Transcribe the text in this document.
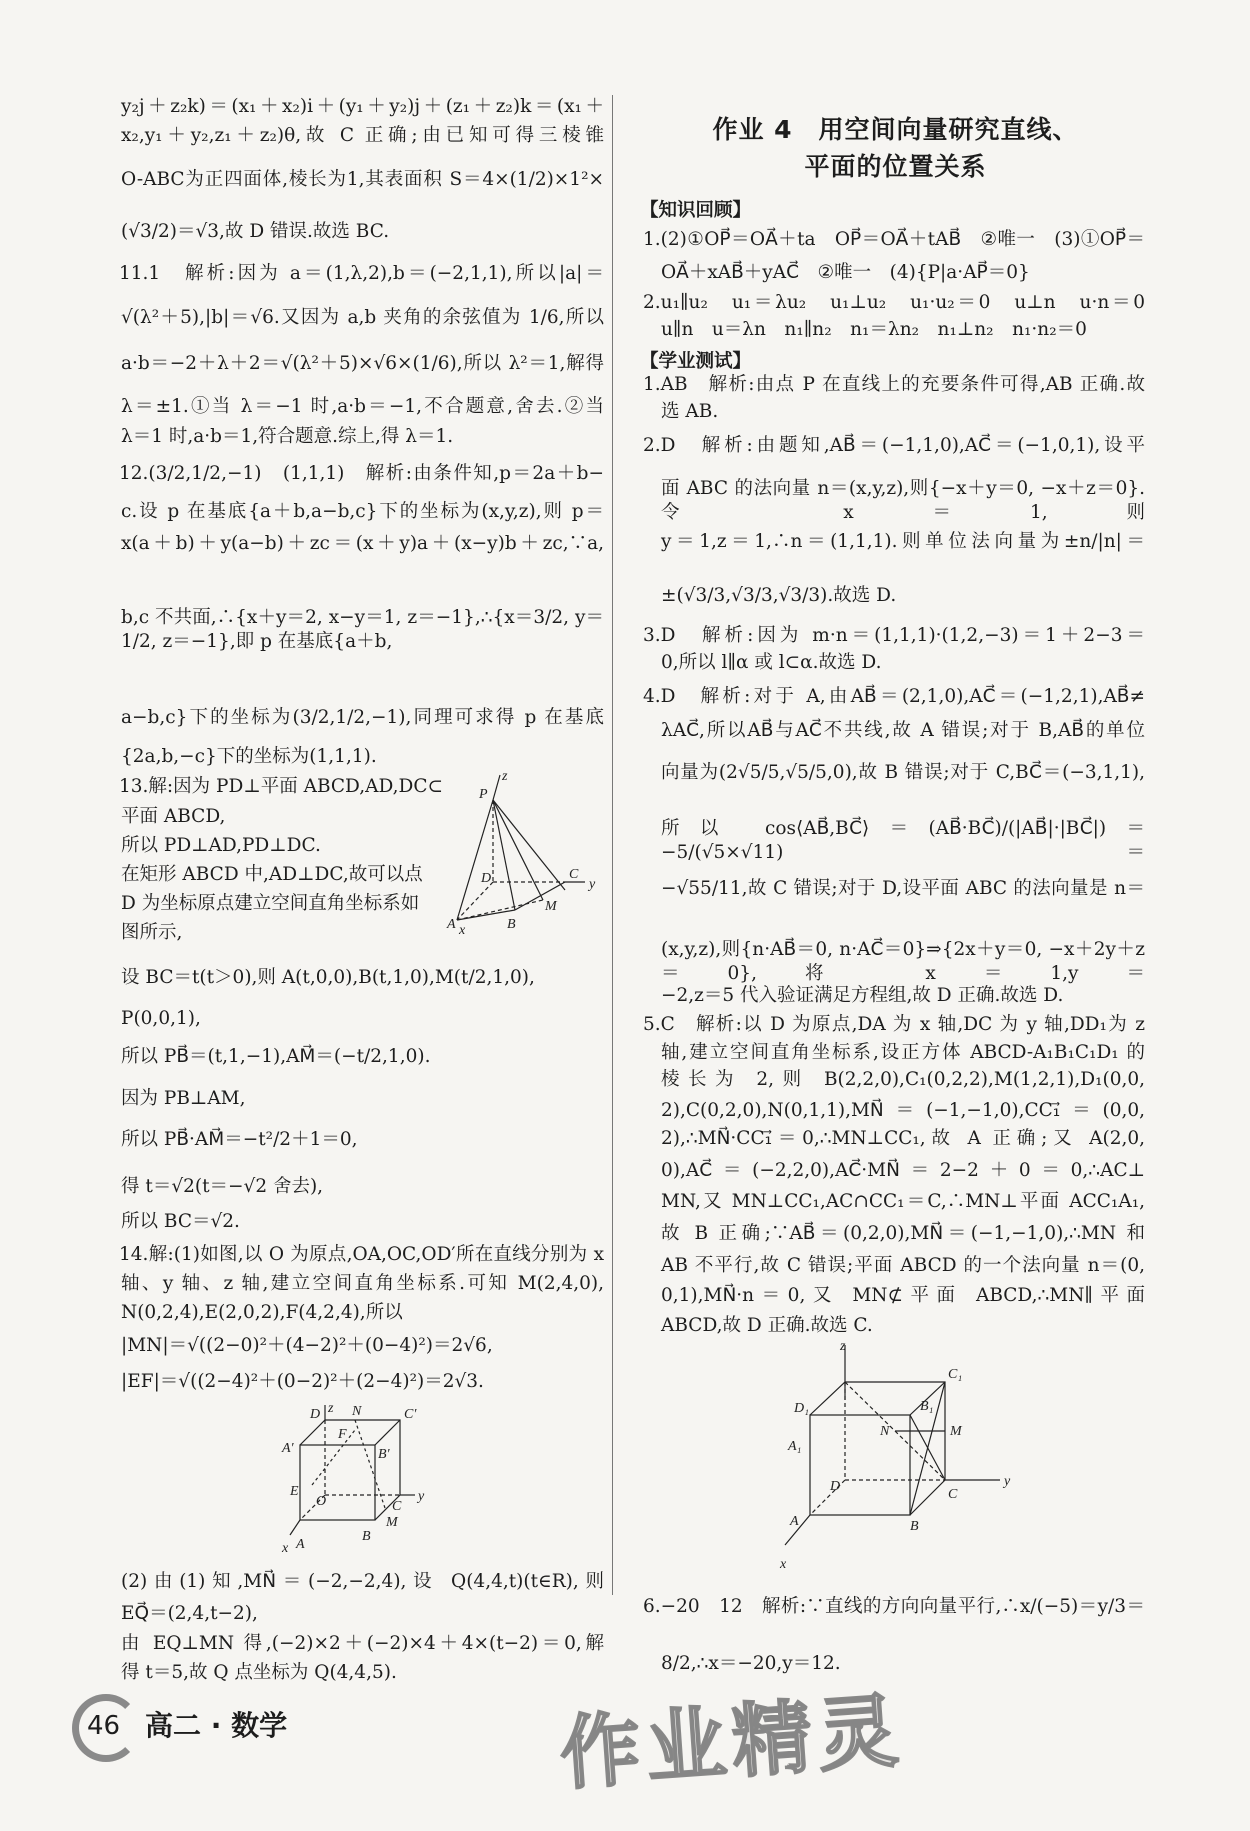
作业 4　用空间向量研究直线、
平面的位置关系
【知识回顾】
【学业测试】
y₂j＋z₂k)＝(x₁＋x₂)i＋(y₁＋y₂)j＋(z₁＋z₂)k＝(x₁＋
x₂,y₁＋y₂,z₁＋z₂)θ,故 C 正确;由已知可得三棱锥
O-ABC为正四面体,棱长为1,其表面积 S＝4×(1/2)×1²×
(√3/2)＝√3,故 D 错误.故选 BC.
11.1　解析:因为 a＝(1,λ,2),b＝(−2,1,1),所以|a|＝
√(λ²＋5),|b|＝√6.又因为 a,b 夹角的余弦值为 1/6,所以
a·b＝−2＋λ＋2＝√(λ²＋5)×√6×(1/6),所以 λ²＝1,解得
λ＝±1.①当 λ＝−1 时,a·b＝−1,不合题意,舍去.②当
λ＝1 时,a·b＝1,符合题意.综上,得 λ＝1.
12.(3/2,1/2,−1)　(1,1,1)　解析:由条件知,p＝2a＋b−
c.设 p 在基底{a＋b,a−b,c}下的坐标为(x,y,z),则 p＝
x(a＋b)＋y(a−b)＋zc＝(x＋y)a＋(x−y)b＋zc,∵a,
b,c 不共面,∴{x＋y＝2, x−y＝1, z＝−1},∴{x＝3/2, y＝1/2, z＝−1},即 p 在基底{a＋b,
a−b,c}下的坐标为(3/2,1/2,−1),同理可求得 p 在基底
{2a,b,−c}下的坐标为(1,1,1).
13.解:因为 PD⊥平面 ABCD,AD,DC⊂
平面 ABCD,
所以 PD⊥AD,PD⊥DC.
在矩形 ABCD 中,AD⊥DC,故可以点
D 为坐标原点建立空间直角坐标系如
图所示,
设 BC＝t(t＞0),则 A(t,0,0),B(t,1,0),M(t/2,1,0),
P(0,0,1),
所以 PB⃗＝(t,1,−1),AM⃗＝(−t/2,1,0).
因为 PB⊥AM,
所以 PB⃗·AM⃗＝−t²/2＋1＝0,
得 t＝√2(t＝−√2 舍去),
所以 BC＝√2.
14.解:(1)如图,以 O 为原点,OA,OC,OD′所在直线分别为 x
轴、y 轴、z 轴,建立空间直角坐标系.可知 M(2,4,0),
N(0,2,4),E(2,0,2),F(4,2,4),所以
|MN|＝√((2−0)²＋(4−2)²＋(0−4)²)＝2√6,
|EF|＝√((2−4)²＋(0−2)²＋(2−4)²)＝2√3.
(2)由(1)知,MN⃗＝(−2,−2,4),设 Q(4,4,t)(t∈R),则
EQ⃗＝(2,4,t−2),
由 EQ⊥MN 得,(−2)×2＋(−2)×4＋4×(t−2)＝0,解
得 t＝5,故 Q 点坐标为 Q(4,4,5).
1.(2)①OP⃗＝OA⃗＋ta　OP⃗＝OA⃗＋tAB⃗　②唯一　(3)①OP⃗＝
OA⃗＋xAB⃗＋yAC⃗　②唯一　(4){P|a·AP⃗＝0}
2.u₁∥u₂　u₁＝λu₂　u₁⊥u₂　u₁·u₂＝0　u⊥n　u·n＝0
u∥n　u＝λn　n₁∥n₂　n₁＝λn₂　n₁⊥n₂　n₁·n₂＝0
1.AB　解析:由点 P 在直线上的充要条件可得,AB 正确.故
选 AB.
2.D　解析:由题知,AB⃗＝(−1,1,0),AC⃗＝(−1,0,1),设平
面 ABC 的法向量 n＝(x,y,z),则{−x＋y＝0, −x＋z＝0}.令 x＝1,则
y＝1,z＝1,∴n＝(1,1,1).则单位法向量为±n/|n|＝
±(√3/3,√3/3,√3/3).故选 D.
3.D　解析:因为 m·n＝(1,1,1)·(1,2,−3)＝1＋2−3＝
0,所以 l∥α 或 l⊂α.故选 D.
4.D　解析:对于 A,由AB⃗＝(2,1,0),AC⃗＝(−1,2,1),AB⃗≠
λAC⃗,所以AB⃗与AC⃗不共线,故 A 错误;对于 B,AB⃗的单位
向量为(2√5/5,√5/5,0),故 B 错误;对于 C,BC⃗＝(−3,1,1),
所以 cos⟨AB⃗,BC⃗⟩＝(AB⃗·BC⃗)/(|AB⃗|·|BC⃗|)＝−5/(√5×√11)＝
−√55/11,故 C 错误;对于 D,设平面 ABC 的法向量是 n＝
(x,y,z),则{n·AB⃗＝0, n·AC⃗＝0}⇒{2x＋y＝0, −x＋2y＋z＝0},将 x＝1,y＝
−2,z＝5 代入验证满足方程组,故 D 正确.故选 D.
5.C　解析:以 D 为原点,DA 为 x 轴,DC 为 y 轴,DD₁为 z
轴,建立空间直角坐标系,设正方体 ABCD-A₁B₁C₁D₁ 的
棱长为 2,则 B(2,2,0),C₁(0,2,2),M(1,2,1),D₁(0,0,
2),C(0,2,0),N(0,1,1),MN⃗＝(−1,−1,0),CC₁⃗＝(0,0,
2),∴MN⃗·CC₁⃗＝0,∴MN⊥CC₁,故 A 正确;又 A(2,0,
0),AC⃗＝(−2,2,0),AC⃗·MN⃗＝2−2＋0＝0,∴AC⊥
MN,又 MN⊥CC₁,AC∩CC₁＝C,∴MN⊥平面 ACC₁A₁,
故 B 正确;∵AB⃗＝(0,2,0),MN⃗＝(−1,−1,0),∴MN 和
AB 不平行,故 C 错误;平面 ABCD 的一个法向量 n＝(0,
0,1),MN⃗·n＝0,又 MN⊄平面 ABCD,∴MN∥平面
ABCD,故 D 正确.故选 C.
6.−20　12　解析:∵直线的方向向量平行,∴x/(−5)＝y/3＝
8/2,∴x＝−20,y＝12.
P
z
D	C
y
A	B
M
x
z
D N	C′
A′
F
B′
E
O	C
y
x A
M
B
z
D₁
C₁
A₁
B₁
N	M
D
C
y
A	B
x
作业精灵
46 高二 · 数学
